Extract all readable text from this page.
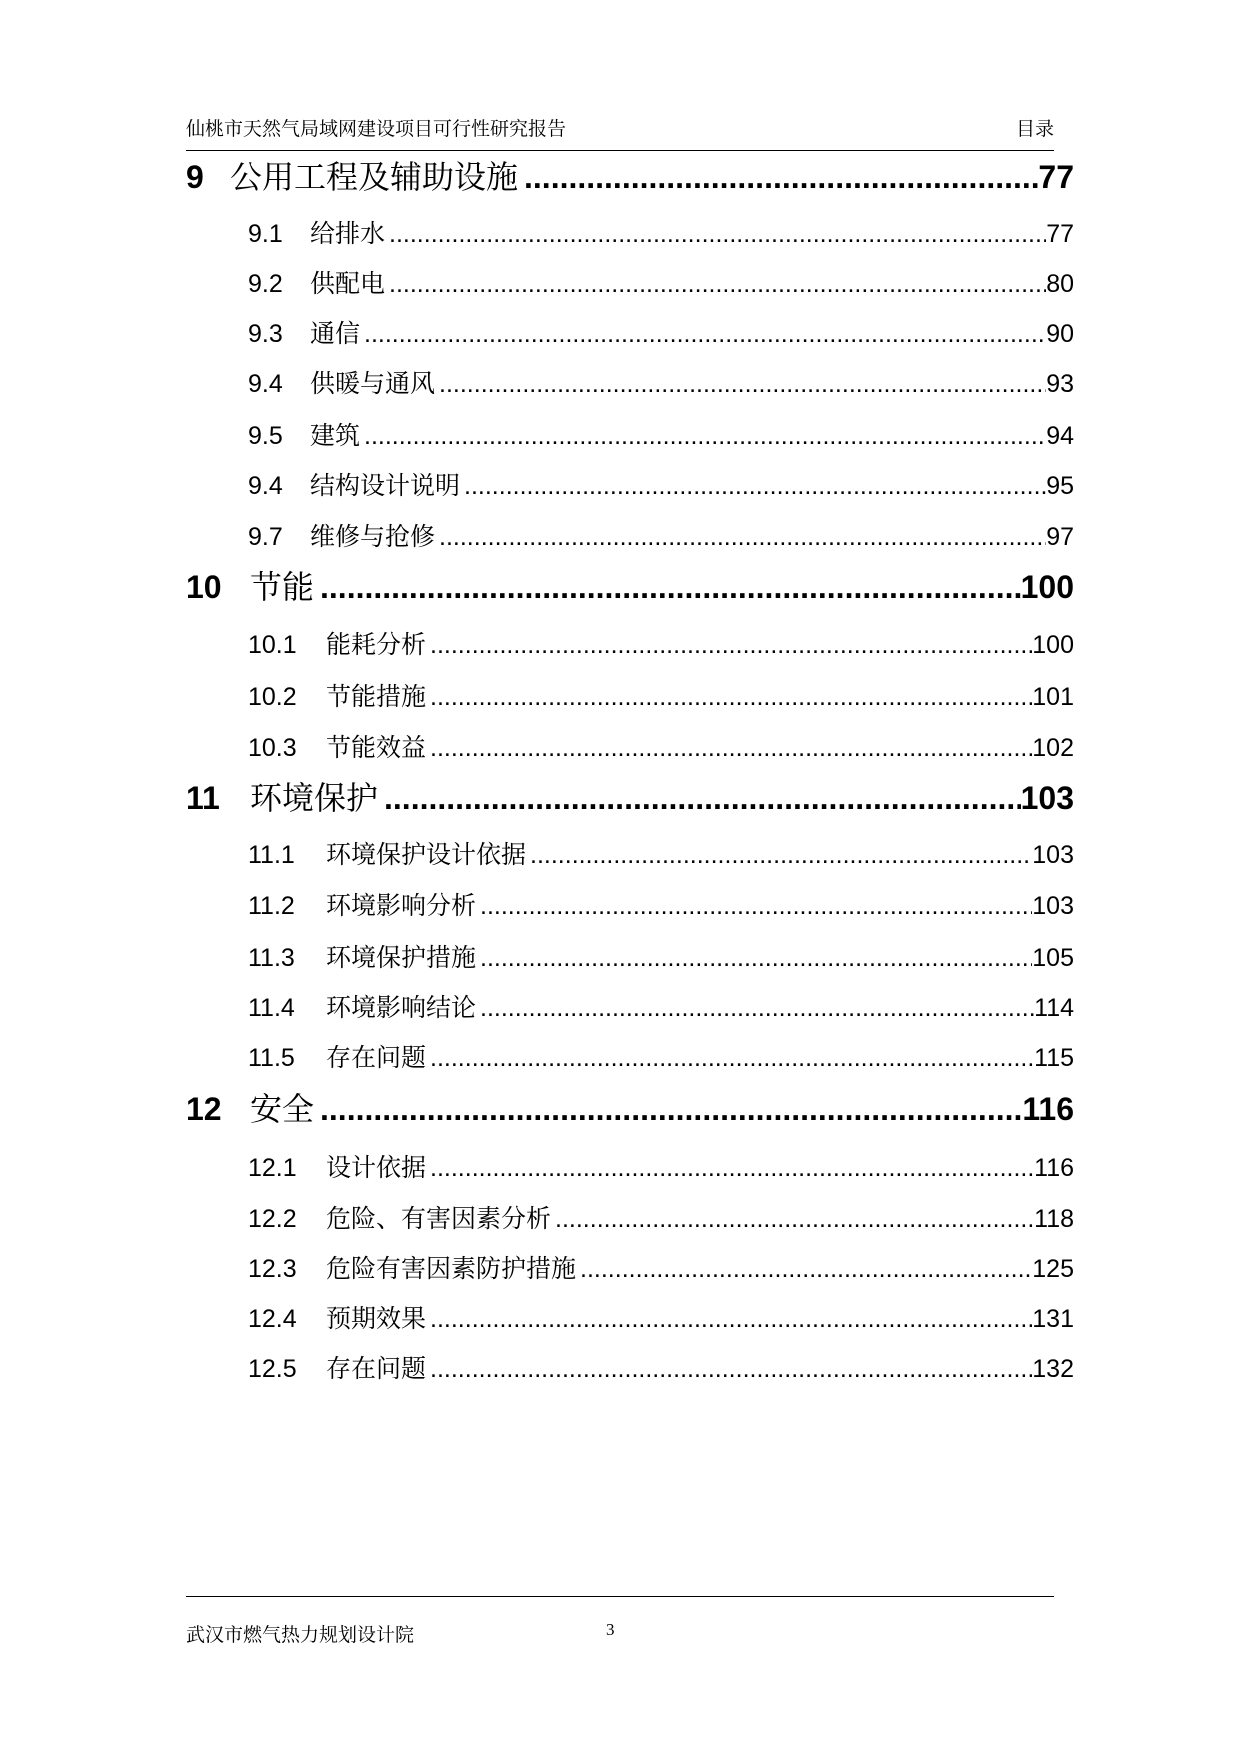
仙桃市天然气局域网建设项目可行性研究报告	目录
9 公用工程及辅助设施 .....	77
9.1	给排水 .....	77
9.2	供配电 .....	80
9.3	通信 .....	90
9.4	供暖与通风 .....	93
9.5	建筑 .....	94
9.4	结构设计说明 .....	95
9.7	维修与抢修 .....	97
10 节能 .....	100
10.1	能耗分析 .....	100
10.2	节能措施 .....	101
10.3	节能效益 .....	102
11 环境保护 .....	103
11.1	环境保护设计依据 .....	103
11.2	环境影响分析 .....	103
11.3	环境保护措施 .....	105
11.4	环境影响结论 .....	114
11.5	存在问题 .....	115
12 安全 .....	116
12.1	设计依据 .....	116
12.2	危险、有害因素分析 .....	118
12.3	危险有害因素防护措施 .....	125
12.4	预期效果 .....	131
12.5	存在问题 .....	132
武汉市燃气热力规划设计院	3
